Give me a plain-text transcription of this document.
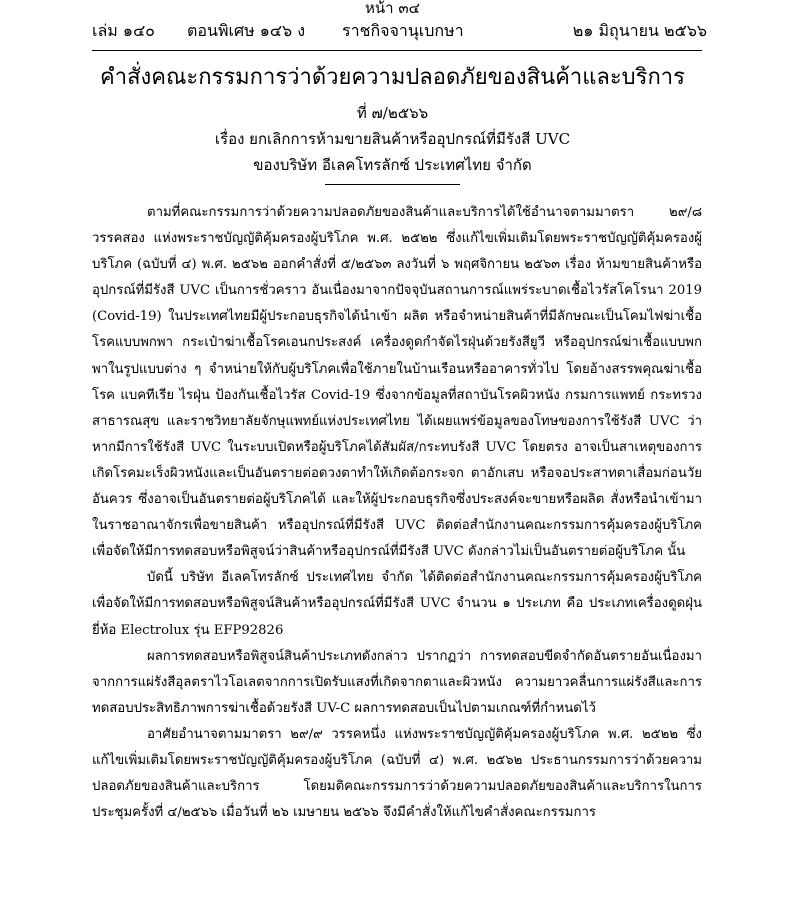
หน้า ๓๔
เล่ม ๑๔๐ ตอนพิเศษ ๑๔๖ ง ราชกิจจานุเบกษา	๒๑ มิถุนายน ๒๕๖๖
คำสั่งคณะกรรมการว่าด้วยความปลอดภัยของสินค้าและบริการ
ที่ ๗/๒๕๖๖
เรื่อง ยกเลิกการห้ามขายสินค้าหรืออุปกรณ์ที่มีรังสี UVC
ของบริษัท อีเลคโทรลักซ์ ประเทศไทย จำกัด

ตามที่คณะกรรมการว่าด้วยความปลอดภัยของสินค้าและบริการได้ใช้อำนาจตามมาตรา ๒๙/๘ วรรคสอง แห่งพระราชบัญญัติคุ้มครองผู้บริโภค พ.ศ. ๒๕๒๒ ซึ่งแก้ไขเพิ่มเติมโดยพระราชบัญญัติคุ้มครองผู้บริโภค (ฉบับที่ ๔) พ.ศ. ๒๕๖๒ ออกคำสั่งที่ ๕/๒๕๖๓ ลงวันที่ ๖ พฤศจิกายน ๒๕๖๓ เรื่อง ห้ามขายสินค้าหรืออุปกรณ์ที่มีรังสี UVC เป็นการชั่วคราว อันเนื่องมาจากปัจจุบันสถานการณ์แพร่ระบาดเชื้อไวรัสโคโรนา 2019 (Covid-19) ในประเทศไทยมีผู้ประกอบธุรกิจได้นำเข้า ผลิต หรือจำหน่ายสินค้าที่มีลักษณะเป็นโคมไฟฆ่าเชื้อโรคแบบพกพา กระเป๋าฆ่าเชื้อโรคเอนกประสงค์ เครื่องดูดกำจัดไรฝุ่นด้วยรังสียูวี หรืออุปกรณ์ฆ่าเชื้อแบบพกพาในรูปแบบต่าง ๆ จำหน่ายให้กับผู้บริโภคเพื่อใช้ภายในบ้านเรือนหรืออาคารทั่วไป โดยอ้างสรรพคุณฆ่าเชื้อโรค แบคทีเรีย ไรฝุ่น ป้องกันเชื้อไวรัส Covid-19 ซึ่งจากข้อมูลที่สถาบันโรคผิวหนัง กรมการแพทย์ กระทรวงสาธารณสุข และราชวิทยาลัยจักษุแพทย์แห่งประเทศไทย ได้เผยแพร่ข้อมูลของโทษของการใช้รังสี UVC ว่าหากมีการใช้รังสี UVC ในระบบเปิดหรือผู้บริโภคได้สัมผัส/กระทบรังสี UVC โดยตรง อาจเป็นสาเหตุของการเกิดโรคมะเร็งผิวหนังและเป็นอันตรายต่อดวงตาทำให้เกิดต้อกระจก ตาอักเสบ หรือจอประสาทตาเสื่อมก่อนวัยอันควร ซึ่งอาจเป็นอันตรายต่อผู้บริโภคได้ และให้ผู้ประกอบธุรกิจซึ่งประสงค์จะขายหรือผลิต สั่งหรือนำเข้ามาในราชอาณาจักรเพื่อขายสินค้า หรืออุปกรณ์ที่มีรังสี UVC ติดต่อสำนักงานคณะกรรมการคุ้มครองผู้บริโภคเพื่อจัดให้มีการทดสอบหรือพิสูจน์ว่าสินค้าหรืออุปกรณ์ที่มีรังสี UVC ดังกล่าวไม่เป็นอันตรายต่อผู้บริโภค นั้น

บัดนี้ บริษัท อีเลคโทรลักซ์ ประเทศไทย จำกัด ได้ติดต่อสำนักงานคณะกรรมการคุ้มครองผู้บริโภคเพื่อจัดให้มีการทดสอบหรือพิสูจน์สินค้าหรืออุปกรณ์ที่มีรังสี UVC จำนวน ๑ ประเภท คือ ประเภทเครื่องดูดฝุ่น ยี่ห้อ Electrolux รุ่น EFP92826

ผลการทดสอบหรือพิสูจน์สินค้าประเภทดังกล่าว ปรากฏว่า การทดสอบขีดจำกัดอันตรายอันเนื่องมาจากการแผ่รังสีอุลตราไวโอเลตจากการเปิดรับแสงที่เกิดจากตาและผิวหนัง ความยาวคลื่นการแผ่รังสีและการทดสอบประสิทธิภาพการฆ่าเชื้อด้วยรังสี UV-C ผลการทดสอบเป็นไปตามเกณฑ์ที่กำหนดไว้

อาศัยอำนาจตามมาตรา ๒๙/๙ วรรคหนึ่ง แห่งพระราชบัญญัติคุ้มครองผู้บริโภค พ.ศ. ๒๕๒๒ ซึ่งแก้ไขเพิ่มเติมโดยพระราชบัญญัติคุ้มครองผู้บริโภค (ฉบับที่ ๔) พ.ศ. ๒๕๖๒ ประธานกรรมการว่าด้วยความปลอดภัยของสินค้าและบริการ โดยมติคณะกรรมการว่าด้วยความปลอดภัยของสินค้าและบริการในการประชุมครั้งที่ ๔/๒๕๖๖ เมื่อวันที่ ๒๖ เมษายน ๒๕๖๖ จึงมีคำสั่งให้แก้ไขคำสั่งคณะกรรมการ
